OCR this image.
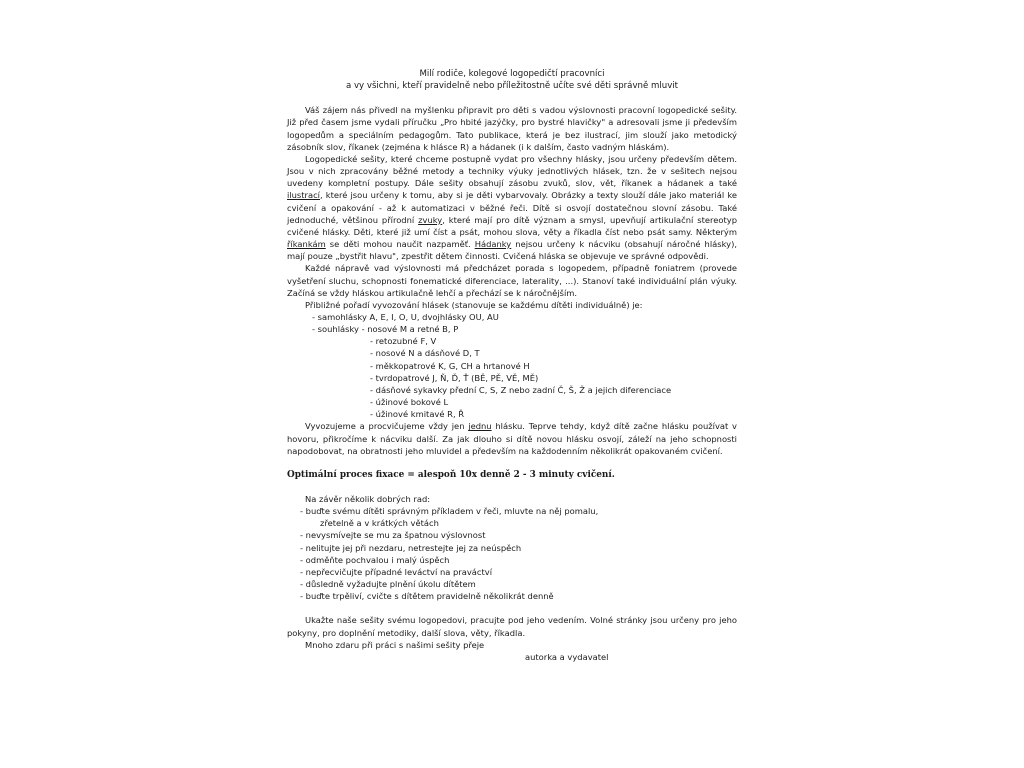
Milí rodiče, kolegové logopedičtí pracovníci
a vy všichni, kteří pravidelně nebo příležitostně učíte své děti správně mluvit

Váš zájem nás přivedl na myšlenku připravit pro děti s vadou výslovnosti pracovní logopedické sešity. Již před časem jsme vydali příručku „Pro hbité jazýčky, pro bystré hlavičky" a adresovali jsme ji především logopedům a speciálním pedagogům. Tato publikace, která je bez ilustrací, jim slouží jako metodický zásobník slov, říkanek (zejména k hlásce R) a hádanek (i k dalším, často vadným hláskám).

Logopedické sešity, které chceme postupně vydat pro všechny hlásky, jsou určeny především dětem. Jsou v nich zpracovány běžné metody a techniky výuky jednotlivých hlásek, tzn. že v sešitech nejsou uvedeny kompletní postupy. Dále sešity obsahují zásobu zvuků, slov, vět, říkanek a hádanek a také ilustrací, které jsou určeny k tomu, aby si je děti vybarvovaly. Obrázky a texty slouží dále jako materiál ke cvičení a opakování - až k automatizaci v běžné řeči. Dítě si osvojí dostatečnou slovní zásobu. Také jednoduché, většinou přírodní zvuky, které mají pro dítě význam a smysl, upevňují artikulační stereotyp cvičené hlásky. Děti, které již umí číst a psát, mohou slova, věty a říkadla číst nebo psát samy. Některým říkankám se děti mohou naučit nazpaměť. Hádanky nejsou určeny k nácviku (obsahují náročné hlásky), mají pouze „bystřit hlavu", zpestřit dětem činnosti. Cvičená hláska se objevuje ve správné odpovědi.

Každé nápravě vad výslovnosti má předcházet porada s logopedem, případně foniatrem (provede vyšetření sluchu, schopnosti fonematické diferenciace, laterality, ...). Stanoví také individuální plán výuky. Začíná se vždy hláskou artikulačně lehčí a přechází se k náročnějším.

Přibližné pořadí vyvozování hlásek (stanovuje se každému dítěti individuálně) je:

- samohlásky A, E, I, O, U, dvojhlásky OU, AU
- souhlásky - nosové M a retné B, P
- retozubné F, V
- nosové N a dásňové D, T
- měkkopatrové K, G, CH a hrtanové H
- tvrdopatrové J, Ň, Ď, Ť (BĚ, PĚ, VĚ, MĚ)
- dásňové sykavky přední C, S, Z nebo zadní Č, Š, Ž a jejich diferenciace
- úžinové bokové L
- úžinové kmitavé R, Ř

Vyvozujeme a procvičujeme vždy jen jednu hlásku. Teprve tehdy, když dítě začne hlásku používat v hovoru, přikročíme k nácviku další. Za jak dlouho si dítě novou hlásku osvojí, záleží na jeho schopnosti napodobovat, na obratnosti jeho mluvidel a především na každodenním několikrát opakovaném cvičení.

Optimální proces fixace = alespoň 10x denně 2 - 3 minuty cvičení.
Na závěr několik dobrých rad:
- buďte svému dítěti správným příkladem v řeči, mluvte na něj pomalu,
zřetelně a v krátkých větách
- nevysmívejte se mu za špatnou výslovnost
- nelitujte jej při nezdaru, netrestejte jej za neúspěch
- odměňte pochvalou i malý úspěch
- nepřecvičujte případné leváctví na praváctví
- důsledně vyžadujte plnění úkolu dítětem
- buďte trpěliví, cvičte s dítětem pravidelně několikrát denně

Ukažte naše sešity svému logopedovi, pracujte pod jeho vedením. Volné stránky jsou určeny pro jeho pokyny, pro doplnění metodiky, další slova, věty, říkadla.

Mnoho zdaru při práci s našimi sešity přeje

autorka a vydavatel
